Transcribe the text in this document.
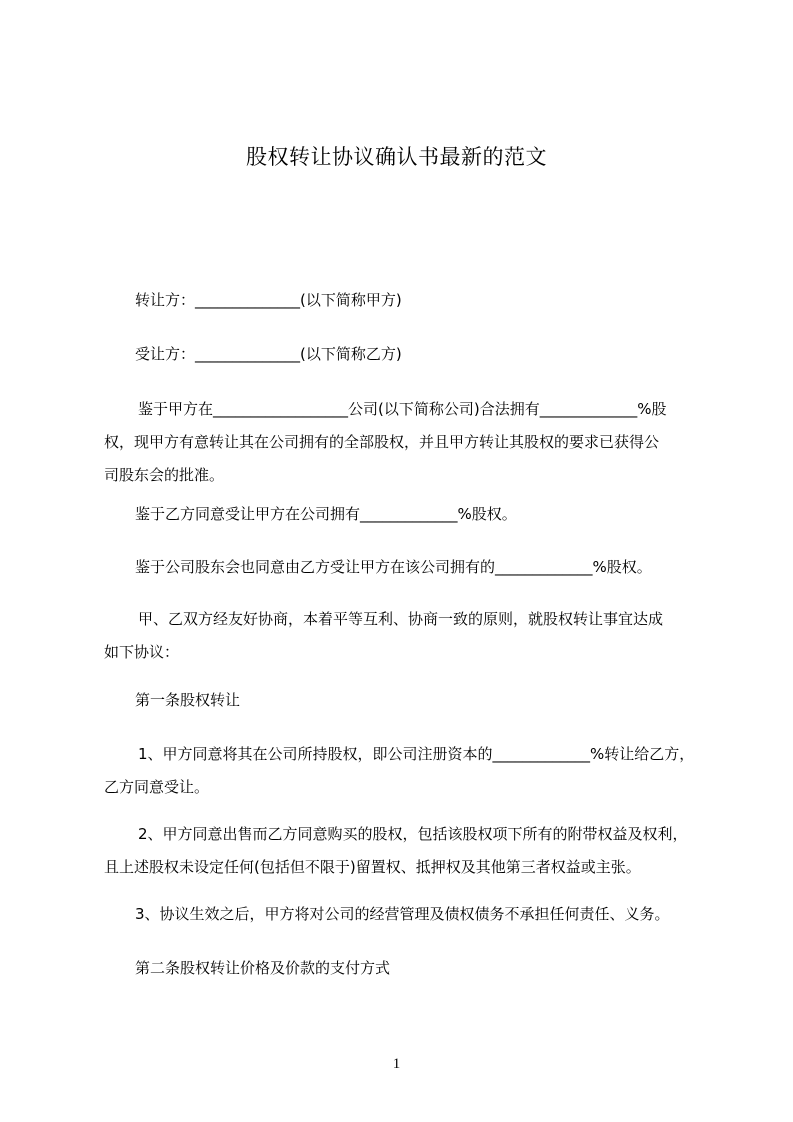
股权转让协议确认书最新的范文
转让方：______________(以下简称甲方)
受让方：______________(以下简称乙方)
鉴于甲方在__________________公司(以下简称公司)合法拥有_____________%股
权，现甲方有意转让其在公司拥有的全部股权，并且甲方转让其股权的要求已获得公
司股东会的批准。
鉴于乙方同意受让甲方在公司拥有_____________%股权。
鉴于公司股东会也同意由乙方受让甲方在该公司拥有的_____________%股权。
甲、乙双方经友好协商，本着平等互利、协商一致的原则，就股权转让事宜达成
如下协议：
第一条股权转让
1、甲方同意将其在公司所持股权，即公司注册资本的_____________%转让给乙方，
乙方同意受让。
2、甲方同意出售而乙方同意购买的股权，包括该股权项下所有的附带权益及权利，
且上述股权未设定任何(包括但不限于)留置权、抵押权及其他第三者权益或主张。
3、协议生效之后，甲方将对公司的经营管理及债权债务不承担任何责任、义务。
第二条股权转让价格及价款的支付方式
1
